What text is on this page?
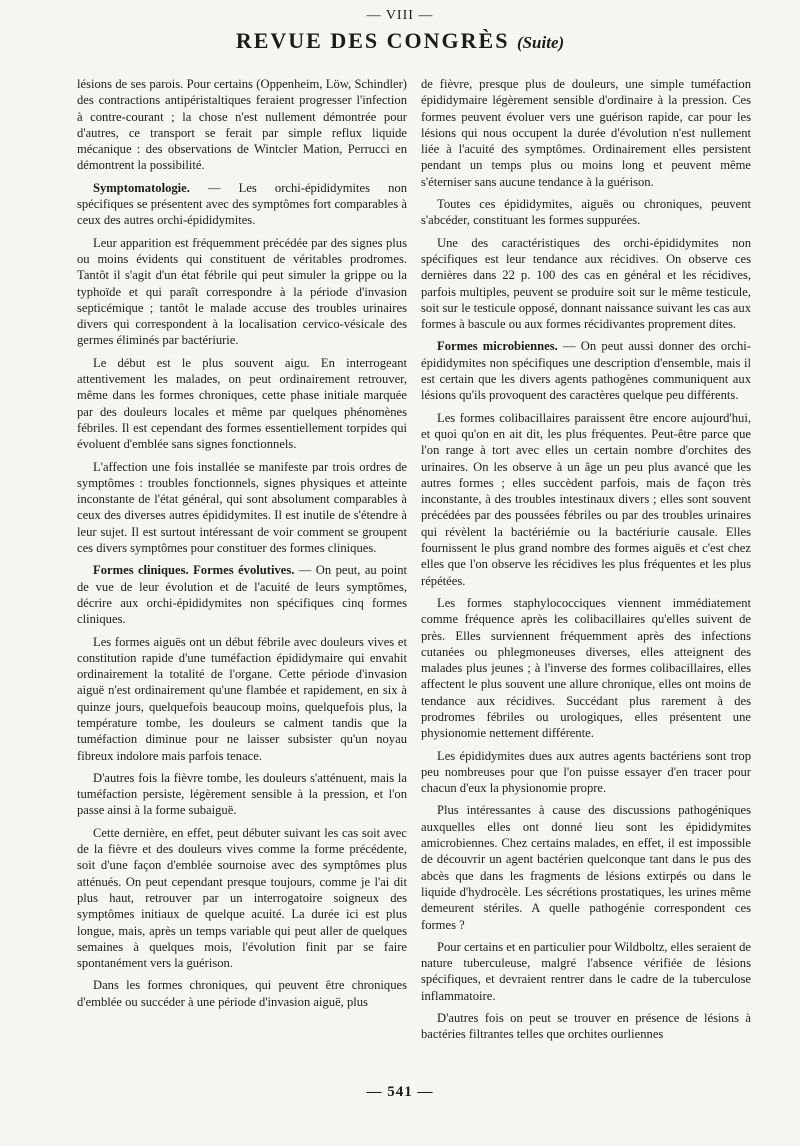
— VIII —
REVUE DES CONGRÈS (Suite)

lésions de ses parois. Pour certains (Oppenheim, Löw, Schindler) des contractions antipéristaltiques feraient progresser l'infection à contre-courant ; la chose n'est nullement démontrée pour d'autres, ce transport se ferait par simple reflux liquide mécanique : des observations de Wintcler Mation, Perrucci en démontrent la possibilité.

Symptomatologie. — Les orchi-épididymites non spécifiques se présentent avec des symptômes fort comparables à ceux des autres orchi-épididymites.

Leur apparition est fréquemment précédée par des signes plus ou moins évidents qui constituent de véritables prodromes. Tantôt il s'agit d'un état fébrile qui peut simuler la grippe ou la typhoïde et qui paraît correspondre à la période d'invasion septicémique ; tantôt le malade accuse des troubles urinaires divers qui correspondent à la localisation cervico-vésicale des germes éliminés par bactériurie.

Le début est le plus souvent aigu. En interrogeant attentivement les malades, on peut ordinairement retrouver, même dans les formes chroniques, cette phase initiale marquée par des douleurs locales et même par quelques phénomènes fébriles. Il est cependant des formes essentiellement torpides qui évoluent d'emblée sans signes fonctionnels.

L'affection une fois installée se manifeste par trois ordres de symptômes : troubles fonctionnels, signes physiques et atteinte inconstante de l'état général, qui sont absolument comparables à ceux des diverses autres épididymites. Il est inutile de s'étendre à leur sujet. Il est surtout intéressant de voir comment se groupent ces divers symptômes pour constituer des formes cliniques.

Formes cliniques. Formes évolutives. — On peut, au point de vue de leur évolution et de l'acuité de leurs symptômes, décrire aux orchi-épididymites non spécifiques cinq formes cliniques.

Les formes aiguës ont un début fébrile avec douleurs vives et constitution rapide d'une tuméfaction épididymaire qui envahit ordinairement la totalité de l'organe. Cette période d'invasion aiguë n'est ordinairement qu'une flambée et rapidement, en six à quinze jours, quelquefois beaucoup moins, quelquefois plus, la température tombe, les douleurs se calment tandis que la tuméfaction diminue pour ne laisser subsister qu'un noyau fibreux indolore mais parfois tenace.

D'autres fois la fièvre tombe, les douleurs s'atténuent, mais la tuméfaction persiste, légèrement sensible à la pression, et l'on passe ainsi à la forme subaiguë.

Cette dernière, en effet, peut débuter suivant les cas soit avec de la fièvre et des douleurs vives comme la forme précédente, soit d'une façon d'emblée sournoise avec des symptômes plus atténués. On peut cependant presque toujours, comme je l'ai dit plus haut, retrouver par un interrogatoire soigneux des symptômes initiaux de quelque acuité. La durée ici est plus longue, mais, après un temps variable qui peut aller de quelques semaines à quelques mois, l'évolution finit par se faire spontanément vers la guérison.

Dans les formes chroniques, qui peuvent être chroniques d'emblée ou succéder à une période d'invasion aiguë, plus

de fièvre, presque plus de douleurs, une simple tuméfaction épididymaire légèrement sensible d'ordinaire à la pression. Ces formes peuvent évoluer vers une guérison rapide, car pour les lésions qui nous occupent la durée d'évolution n'est nullement liée à l'acuité des symptômes. Ordinairement elles persistent pendant un temps plus ou moins long et peuvent même s'éterniser sans aucune tendance à la guérison.

Toutes ces épididymites, aiguës ou chroniques, peuvent s'abcéder, constituant les formes suppurées.

Une des caractéristiques des orchi-épididymites non spécifiques est leur tendance aux récidives. On observe ces dernières dans 22 p. 100 des cas en général et les récidives, parfois multiples, peuvent se produire soit sur le même testicule, soit sur le testicule opposé, donnant naissance suivant les cas aux formes à bascule ou aux formes récidivantes proprement dites.

Formes microbiennes. — On peut aussi donner des orchi-épididymites non spécifiques une description d'ensemble, mais il est certain que les divers agents pathogènes communiquent aux lésions qu'ils provoquent des caractères quelque peu différents.

Les formes colibacillaires paraissent être encore aujourd'hui, et quoi qu'on en ait dit, les plus fréquentes. Peut-être parce que l'on range à tort avec elles un certain nombre d'orchites des urinaires. On les observe à un âge un peu plus avancé que les autres formes ; elles succèdent parfois, mais de façon très inconstante, à des troubles intestinaux divers ; elles sont souvent précédées par des poussées fébriles ou par des troubles urinaires qui révèlent la bactériémie ou la bactériurie causale. Elles fournissent le plus grand nombre des formes aiguës et c'est chez elles que l'on observe les récidives les plus fréquentes et les plus répétées.

Les formes staphylococciques viennent immédiatement comme fréquence après les colibacillaires qu'elles suivent de près. Elles surviennent fréquemment après des infections cutanées ou phlegmoneuses diverses, elles atteignent des malades plus jeunes ; à l'inverse des formes colibacillaires, elles affectent le plus souvent une allure chronique, elles ont moins de tendance aux récidives. Succédant plus rarement à des prodromes fébriles ou urologiques, elles présentent une physionomie nettement différente.

Les épididymites dues aux autres agents bactériens sont trop peu nombreuses pour que l'on puisse essayer d'en tracer pour chacun d'eux la physionomie propre.

Plus intéressantes à cause des discussions pathogéniques auxquelles elles ont donné lieu sont les épididymites amicrobiennes. Chez certains malades, en effet, il est impossible de découvrir un agent bactérien quelconque tant dans le pus des abcès que dans les fragments de lésions extirpés ou dans le liquide d'hydrocèle. Les sécrétions prostatiques, les urines même demeurent stériles. A quelle pathogénie correspondent ces formes ?

Pour certains et en particulier pour Wildboltz, elles seraient de nature tuberculeuse, malgré l'absence vérifiée de lésions spécifiques, et devraient rentrer dans le cadre de la tuberculose inflammatoire.

D'autres fois on peut se trouver en présence de lésions à bactéries filtrantes telles que orchites ourliennes

— 541 —
